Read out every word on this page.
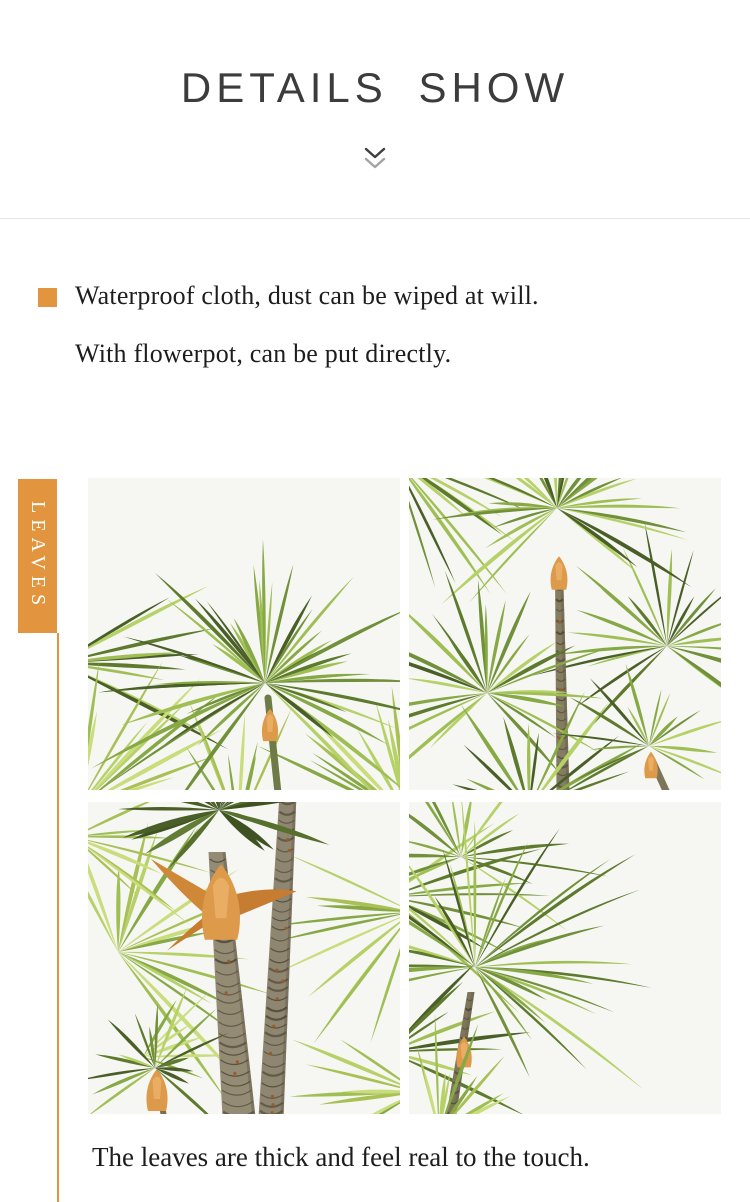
DETAILS SHOW

Waterproof cloth, dust can be wiped at will.

With flowerpot, can be put directly.

LEAVES

The leaves are thick and feel real to the touch.
